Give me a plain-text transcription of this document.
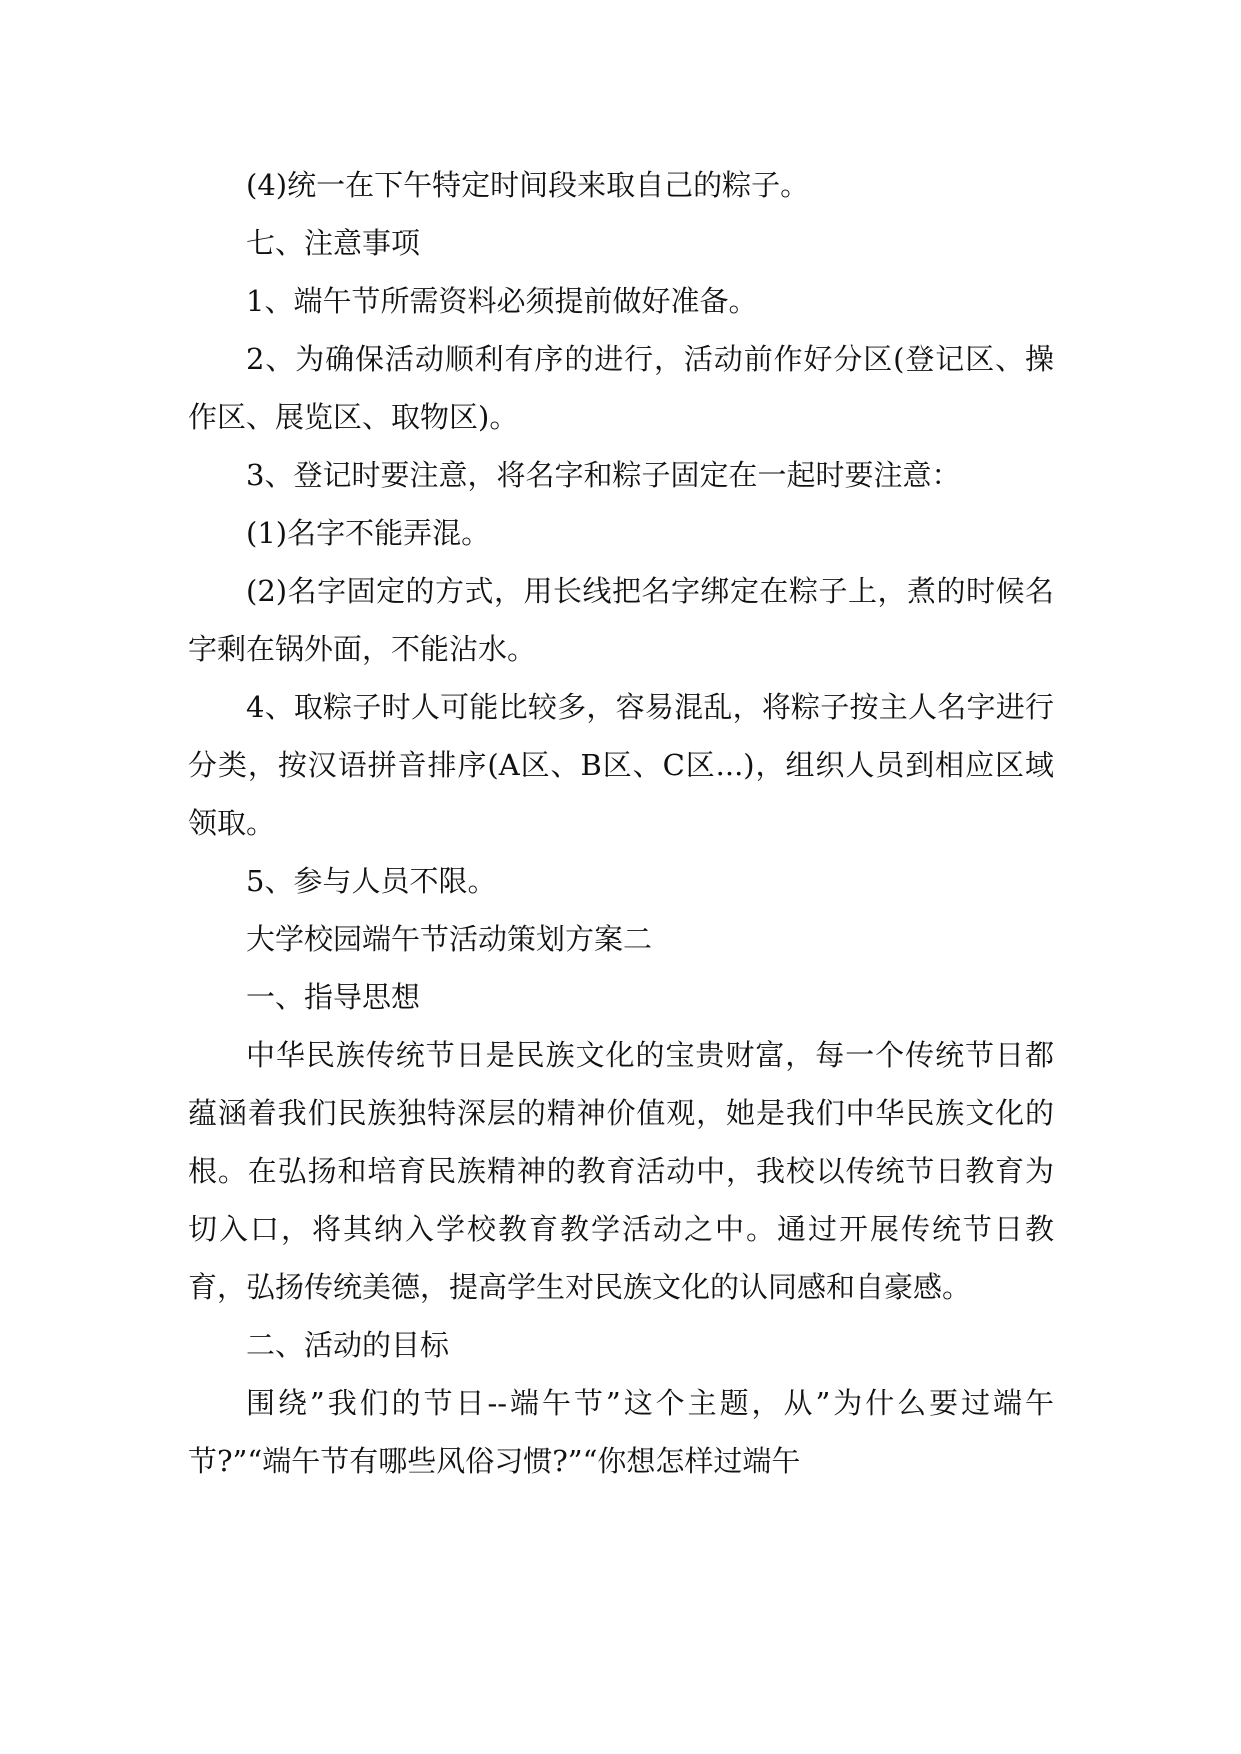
(4)统一在下午特定时间段来取自己的粽子。

七、注意事项

1、端午节所需资料必须提前做好准备。

2、为确保活动顺利有序的进行，活动前作好分区(登记区、操作区、展览区、取物区)。

3、登记时要注意，将名字和粽子固定在一起时要注意：

(1)名字不能弄混。

(2)名字固定的方式，用长线把名字绑定在粽子上，煮的时候名字剩在锅外面，不能沾水。

4、取粽子时人可能比较多，容易混乱，将粽子按主人名字进行分类，按汉语拼音排序(A区、B区、C区...)，组织人员到相应区域领取。

5、参与人员不限。

大学校园端午节活动策划方案二

一、指导思想

中华民族传统节日是民族文化的宝贵财富，每一个传统节日都蕴涵着我们民族独特深层的精神价值观，她是我们中华民族文化的根。在弘扬和培育民族精神的教育活动中，我校以传统节日教育为切入口，将其纳入学校教育教学活动之中。通过开展传统节日教育，弘扬传统美德，提高学生对民族文化的认同感和自豪感。

二、活动的目标

围绕”我们的节日--端午节”这个主题，从”为什么要过端午节?”“端午节有哪些风俗习惯?”“你想怎样过端午
